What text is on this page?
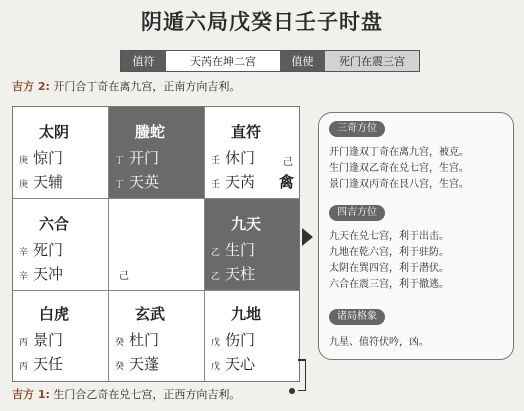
阴遁六局戊癸日壬子时盘
值符	天芮在坤二宫	值使	死门在震三宫
吉方 2: 开门合丁奇在离九宫，正南方向吉利。
太阴
庚 惊门
庚 天辅
螣蛇
丁 开门
丁 天英
直符
壬 休门
壬 天芮
己
禽
六合
辛 死门
辛 天冲	己
九天
乙 生门
乙 天柱
白虎
丙 景门
丙 天任
玄武
癸 杜门
癸 天蓬
九地
戊 伤门
戊 天心
三奇方位
开门逢双丁奇在离九宫，被克。
生门逢双乙奇在兑七宫，生宫。
景门逢双丙奇在艮八宫，生宫。
四吉方位
九天在兑七宫，利于出击。
九地在乾六宫，利于驻防。
太阴在巽四宫，利于潜伏。
六合在震三宫，利于撤逃。
诸局格象
九星、值符伏吟，凶。
吉方 1: 生门合乙奇在兑七宫，正西方向吉利。
